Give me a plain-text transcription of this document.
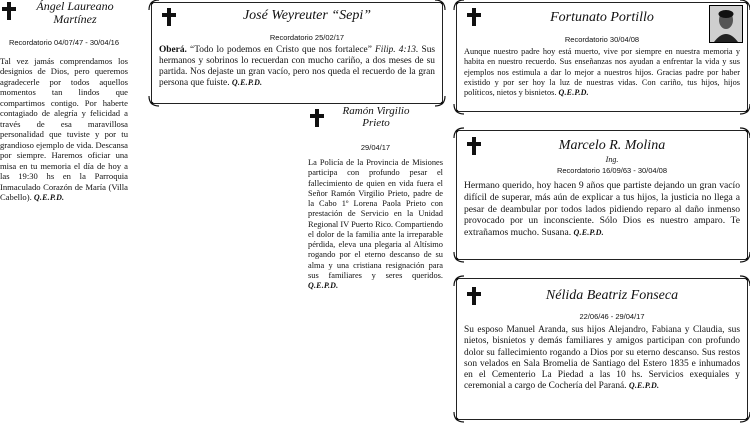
Ángel Laureano Martínez
Recordatorio 04/07/47 - 30/04/16
Tal vez jamás comprendamos los designios de Dios, pero queremos agradecerle por todos aquellos momentos tan lindos que compartimos contigo. Por haberte contagiado de alegría y felicidad a través de esa maravillosa personalidad que tuviste y por tu grandioso ejemplo de vida. Descansa por siempre. Haremos oficiar una misa en tu memoria el día de hoy a las 19:30 hs en la Parroquia Inmaculado Corazón de María (Villa Cabello). Q.E.P.D.
José Weyreuter “Sepi”
Recordatorio 25/02/17
Oberá. “Todo lo podemos en Cristo que nos fortalece” Filip. 4:13. Sus hermanos y sobrinos lo recuerdan con mucho cariño, a dos meses de su partida. Nos dejaste un gran vacío, pero nos queda el recuerdo de la gran persona que fuiste. Q.E.P.D.
Ramón Virgilio Prieto
29/04/17
La Policía de la Provincia de Misiones participa con profundo pesar el fallecimiento de quien en vida fuera el Señor Ramón Virgilio Prieto, padre de la Cabo 1º Lorena Paola Prieto con prestación de Servicio en la Unidad Regional IV Puerto Rico. Compartiendo el dolor de la familia ante la irreparable pérdida, eleva una plegaria al Altísimo rogando por el eterno descanso de su alma y una cristiana resignación para sus familiares y seres queridos. Q.E.P.D.
Fortunato Portillo
Recordatorio 30/04/08
Aunque nuestro padre hoy está muerto, vive por siempre en nuestra memoria y habita en nuestro recuerdo. Sus enseñanzas nos ayudan a enfrentar la vida y sus ejemplos nos estimula a dar lo mejor a nuestros hijos. Gracias padre por haber existido y por ser hoy la luz de nuestras vidas. Con cariño, tus hijos, hijos políticos, nietos y bisnietos. Q.E.P.D.
Marcelo R. Molina
Ing.
Recordatorio 16/09/63 - 30/04/08
Hermano querido, hoy hacen 9 años que partiste dejando un gran vacío difícil de superar, más aún de explicar a tus hijos, la justicia no llega a pesar de deambular por todos lados pidiendo reparo al daño inmenso provocado por un inconsciente. Sólo Dios es nuestro amparo. Te extrañamos mucho. Susana. Q.E.P.D.
Nélida Beatriz Fonseca
22/06/46 - 29/04/17
Su esposo Manuel Aranda, sus hijos Alejandro, Fabiana y Claudia, sus nietos, bisnietos y demás familiares y amigos participan con profundo dolor su fallecimiento rogando a Dios por su eterno descanso. Sus restos son velados en Sala Bromelia de Santiago del Estero 1835 e inhumados en el Cementerio La Piedad a las 10 hs. Servicios exequiales y ceremonial a cargo de Cochería del Paraná. Q.E.P.D.
